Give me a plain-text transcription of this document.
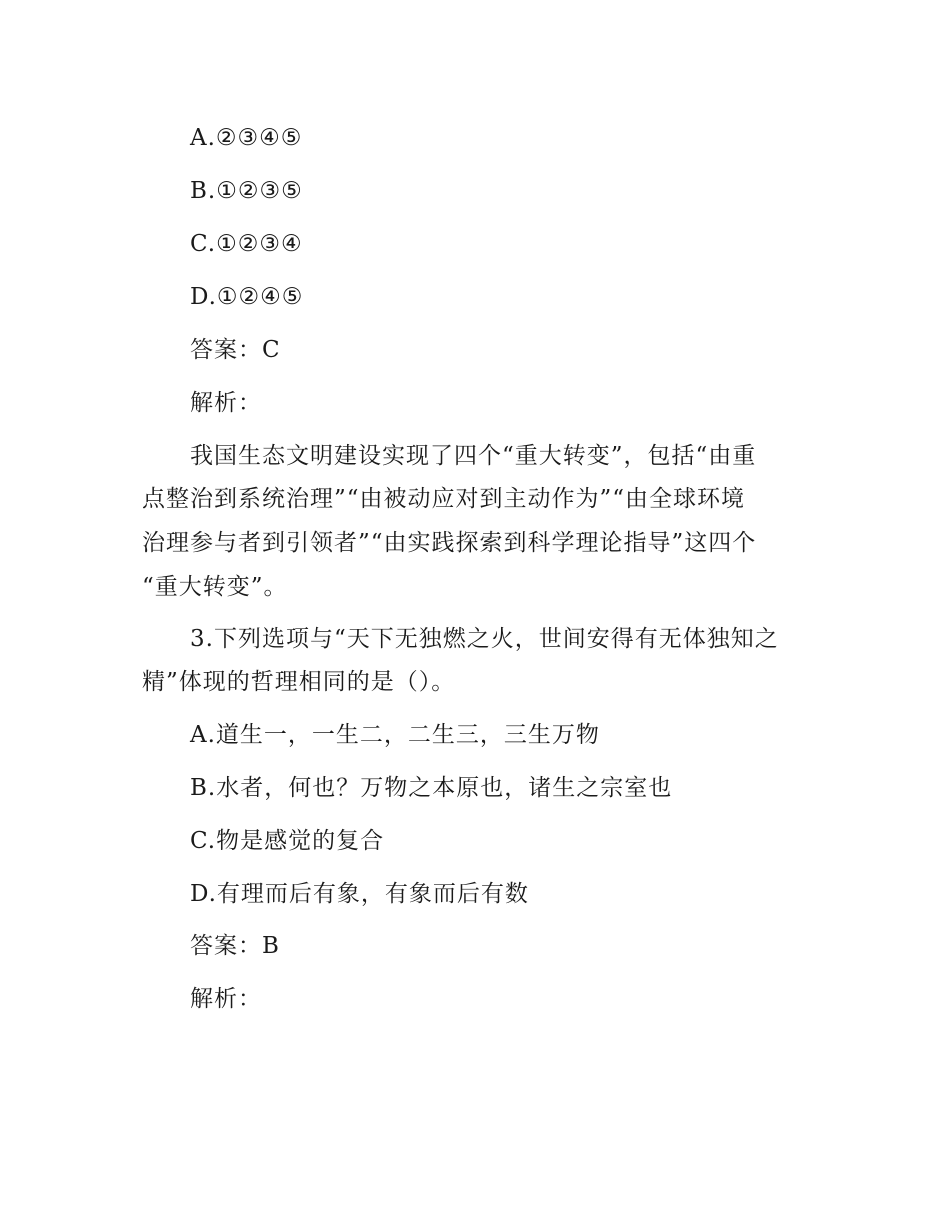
A.②③④⑤
B.①②③⑤
C.①②③④
D.①②④⑤
答案：C
解析：
我国生态文明建设实现了四个“重大转变”，包括“由重
点整治到系统治理”“由被动应对到主动作为”“由全球环境
治理参与者到引领者”“由实践探索到科学理论指导”这四个
“重大转变”。
3.下列选项与“天下无独燃之火，世间安得有无体独知之
精”体现的哲理相同的是（）。
A.道生一，一生二，二生三，三生万物
B.水者，何也？万物之本原也，诸生之宗室也
C.物是感觉的复合
D.有理而后有象，有象而后有数
答案：B
解析：
